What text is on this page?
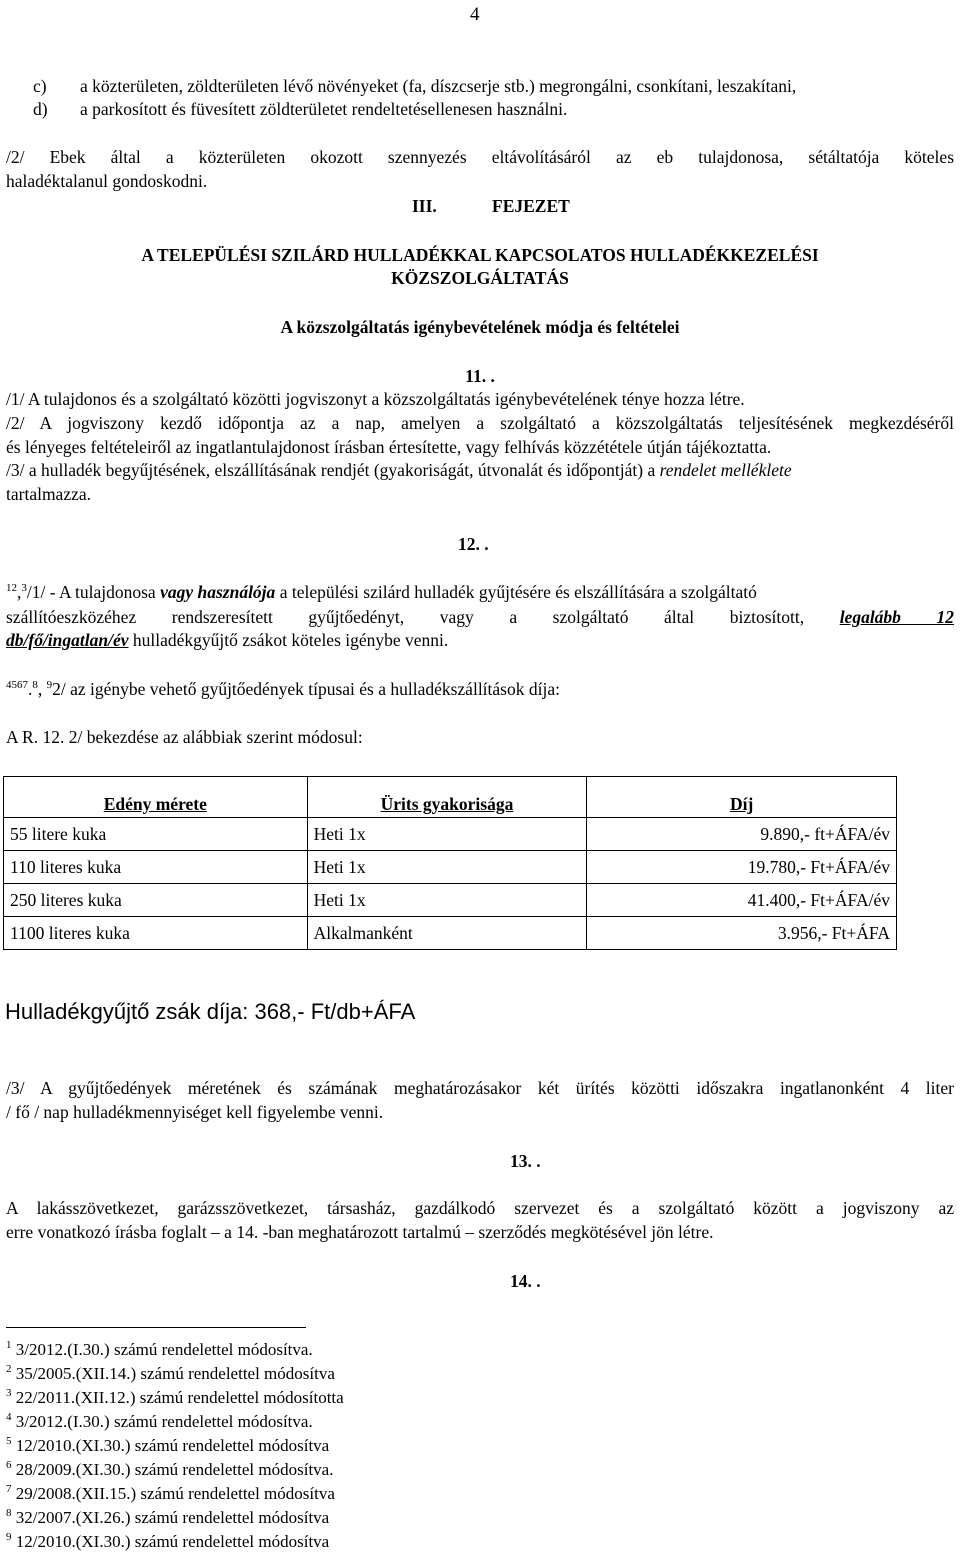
4
c) a közterületen, zöldterületen lévő növényeket (fa, díszcserje stb.) megrongálni, csonkítani, leszakítani,
d) a parkosított és füvesített zöldterületet rendeltetésellenesen használni.
/2/ Ebek által a közterületen okozott szennyezés eltávolításáról az eb tulajdonosa, sétáltatója köteles
haladéktalanul gondoskodni.
III.	FEJEZET
A TELEPÜLÉSI SZILÁRD HULLADÉKKAL KAPCSOLATOS HULLADÉKKEZELÉSI
KÖZSZOLGÁLTATÁS
A közszolgáltatás igénybevételének módja és feltételei
11. .
/1/ A tulajdonos és a szolgáltató közötti jogviszonyt a közszolgáltatás igénybevételének ténye hozza létre.
/2/ A jogviszony kezdő időpontja az a nap, amelyen a szolgáltató a közszolgáltatás teljesítésének megkezdéséről
és lényeges feltételeiről az ingatlantulajdonost írásban értesítette, vagy felhívás közzététele útján tájékoztatta.
/3/ a hulladék begyűjtésének, elszállításának rendjét (gyakoriságát, útvonalát és időpontját) a rendelet melléklete
tartalmazza.
12. .
$^{12}$,$^3$/1/ - A tulajdonosa vagy használója a települési szilárd hulladék gyűjtésére és elszállítására a szolgáltató
szállítóeszközéhez rendszeresített gyűjtőedényt, vagy a szolgáltató által biztosított, legalább 12
db/fő/ingatlan/év hulladékgyűjtő zsákot köteles igénybe venni.
$^{4567}$.$^8$, $^9$2/ az igénybe vehető gyűjtőedények típusai és a hulladékszállítások díja:
A R. 12. 2/ bekezdése az alábbiak szerint módosul:
Edény mérete	Ürits gyakorisága	Díj
55 litere kuka	Heti 1x	9.890,- ft+ÁFA/év
110 literes kuka	Heti 1x	19.780,- Ft+ÁFA/év
250 literes kuka	Heti 1x	41.400,- Ft+ÁFA/év
1100 literes kuka	Alkalmanként	3.956,- Ft+ÁFA
Hulladékgyűjtő zsák díja: 368,- Ft/db+ÁFA
/3/ A gyűjtőedények méretének és számának meghatározásakor két ürítés közötti időszakra ingatlanonként 4 liter
/ fő / nap hulladékmennyiséget kell figyelembe venni.
13. .
A lakásszövetkezet, garázsszövetkezet, társasház, gazdálkodó szervezet és a szolgáltató között a jogviszony az
erre vonatkozó írásba foglalt – a 14. -ban meghatározott tartalmú – szerződés megkötésével jön létre.
14. .
$^1$ 3/2012.(I.30.) számú rendelettel módosítva.
$^2$ 35/2005.(XII.14.) számú rendelettel módosítva
$^3$ 22/2011.(XII.12.) számú rendelettel módosította
$^4$ 3/2012.(I.30.) számú rendelettel módosítva.
$^5$ 12/2010.(XI.30.) számú rendelettel módosítva
$^6$ 28/2009.(XI.30.) számú rendelettel módosítva.
$^7$ 29/2008.(XII.15.) számú rendelettel módosítva
$^8$ 32/2007.(XI.26.) számú rendelettel módosítva
$^9$ 12/2010.(XI.30.) számú rendelettel módosítva
